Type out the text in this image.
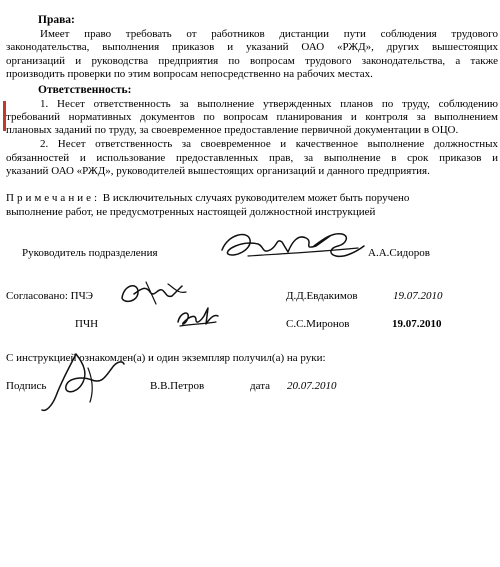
Права:
Имеет право требовать от работников дистанции пути соблюдения трудового
законодательства, выполнения приказов и указаний ОАО «РЖД», других вышестоящих
организаций и руководства предприятия по вопросам трудового законодательства, а также
производить проверки по этим вопросам непосредственно на рабочих местах.
Ответственность:
1. Несет ответственность за выполнение утвержденных планов по труду, соблюдению
требований нормативных документов по вопросам планирования и контроля за выполнением
плановых заданий по труду, за своевременное предоставление первичной документации в ОЦО.
2. Несет ответственность за своевременное и качественное выполнение должностных
обязанностей и использование предоставленных прав, за выполнение в срок приказов и
указаний ОАО «РЖД», руководителей вышестоящих организаций и данного предприятия.
Примечание: В исключительных случаях руководителем может быть поручено
выполнение работ, не предусмотренных настоящей должностной инструкцией
Руководитель подразделения	А.А.Сидоров
Согласовано: ПЧЭ	Д.Д.Евдакимов	19.07.2010
ПЧН	С.С.Миронов	19.07.2010
С инструкцией ознакомлен(а) и один экземпляр получил(а) на руки:
Подпись	В.В.Петров	дата 20.07.2010
